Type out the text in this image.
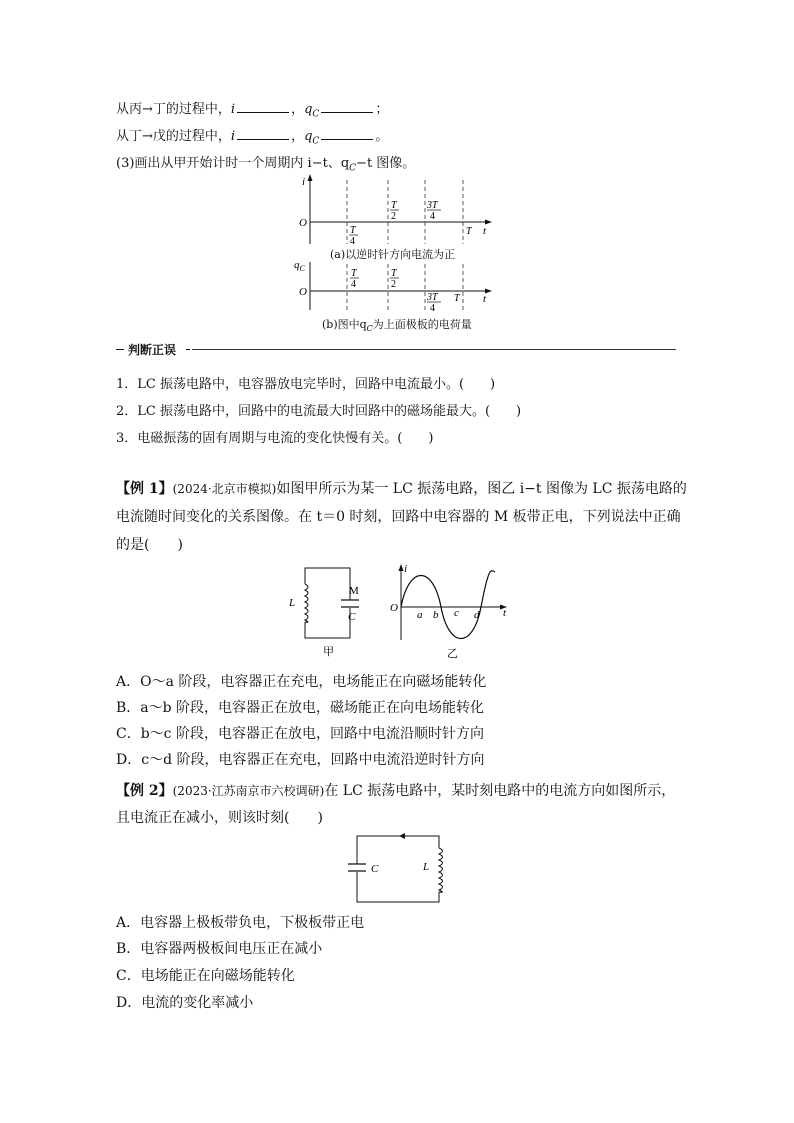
从丙→丁的过程中，i	，$q_C$	；
从丁→戊的过程中，i	，$q_C$	。
(3)画出从甲开始计时一个周期内 i−t、$q_C-t$ 图像。
i
O
t
T
4
T
2
3T
4
T
(a)以逆时针方向电流为正
$q_C$
O
t
T
4
T
2
3T
4
T
(b)图中$q_C$为上面极板的电荷量
判断正误
1．LC 振荡电路中，电容器放电完毕时，回路中电流最小。(　　)
2．LC 振荡电路中，回路中的电流最大时回路中的磁场能最大。(　　)
3．电磁振荡的固有周期与电流的变化快慢有关。(　　)
【例 1】(2024·北京市模拟)如图甲所示为某一 LC 振荡电路，图乙 i−t 图像为 LC 振荡电路的
电流随时间变化的关系图像。在 t＝0 时刻，回路中电容器的 M 板带正电，下列说法中正确
的是(　　)
L
M
C
甲
i
O
a b c d t
乙
A．O～a 阶段，电容器正在充电，电场能正在向磁场能转化
B．a～b 阶段，电容器正在放电，磁场能正在向电场能转化
C．b～c 阶段，电容器正在放电，回路中电流沿顺时针方向
D．c～d 阶段，电容器正在充电，回路中电流沿逆时针方向
【例 2】(2023·江苏南京市六校调研)在 LC 振荡电路中，某时刻电路中的电流方向如图所示，
且电流正在减小，则该时刻(　　)
C	L
A．电容器上极板带负电，下极板带正电
B．电容器两极板间电压正在减小
C．电场能正在向磁场能转化
D．电流的变化率减小
